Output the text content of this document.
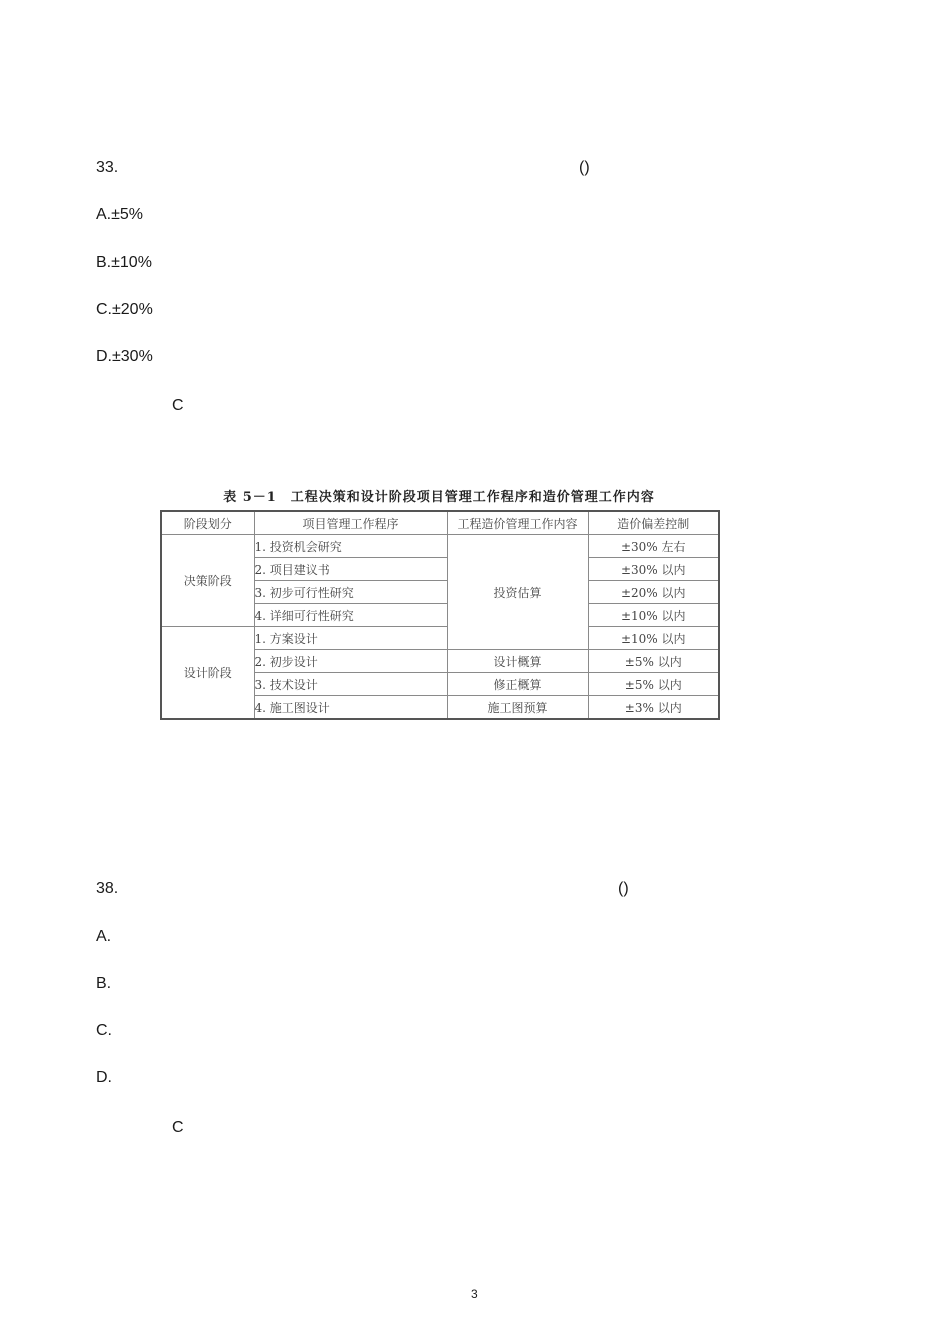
33.	()
A.±5%
B.±10%
C.±20%
D.±30%
C
表 5－1　工程决策和设计阶段项目管理工作程序和造价管理工作内容
阶段划分	项目管理工作程序	工程造价管理工作内容	造价偏差控制
决策阶段	1. 投资机会研究	投资估算	±30% 左右
	2. 项目建议书		±30% 以内
	3. 初步可行性研究		±20% 以内
	4. 详细可行性研究		±10% 以内
设计阶段	1. 方案设计		±10% 以内
	2. 初步设计	设计概算	±5% 以内
	3. 技术设计	修正概算	±5% 以内
	4. 施工图设计	施工图预算	±3% 以内
38.	()
A.
B.
C.
D.
C
3
